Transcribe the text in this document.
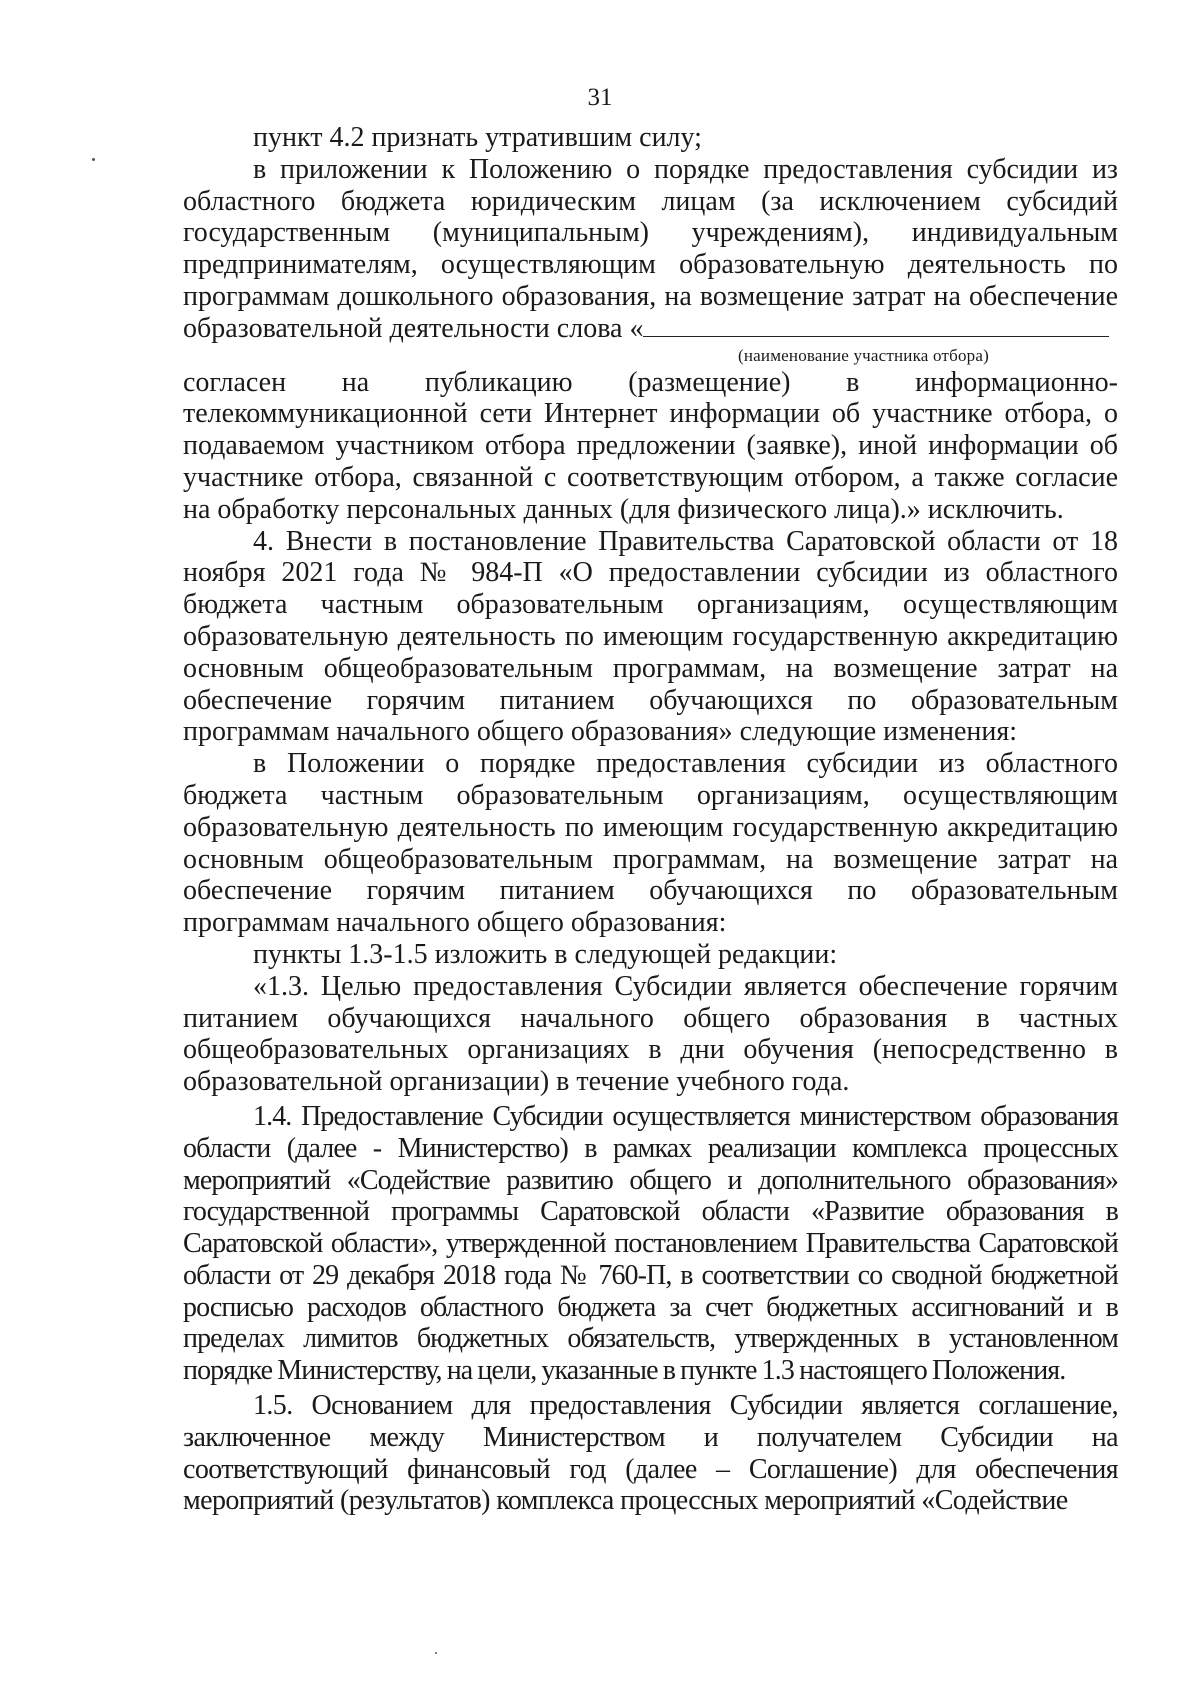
31

пункт 4.2 признать утратившим силу;

в приложении к Положению о порядке предоставления субсидии из областного бюджета юридическим лицам (за исключением субсидий государственным (муниципальным) учреждениям), индивидуальным предпринимателям, осуществляющим образовательную деятельность по программам дошкольного образования, на возмещение затрат на обеспечение образовательной деятельности слова «

(наименование участника отбора)

согласен на публикацию (размещение) в информационно-телекоммуникационной сети Интернет информации об участнике отбора, о подаваемом участником отбора предложении (заявке), иной информации об участнике отбора, связанной с соответствующим отбором, а также согласие на обработку персональных данных (для физического лица).» исключить.

4. Внести в постановление Правительства Саратовской области от 18 ноября 2021 года № 984-П «О предоставлении субсидии из областного бюджета частным образовательным организациям, осуществляющим образовательную деятельность по имеющим государственную аккредитацию основным общеобразовательным программам, на возмещение затрат на обеспечение горячим питанием обучающихся по образовательным программам начального общего образования» следующие изменения:

в Положении о порядке предоставления субсидии из областного бюджета частным образовательным организациям, осуществляющим образовательную деятельность по имеющим государственную аккредитацию основным общеобразовательным программам, на возмещение затрат на обеспечение горячим питанием обучающихся по образовательным программам начального общего образования:

пункты 1.3-1.5 изложить в следующей редакции:

«1.3. Целью предоставления Субсидии является обеспечение горячим питанием обучающихся начального общего образования в частных общеобразовательных организациях в дни обучения (непосредственно в образовательной организации) в течение учебного года.

1.4. Предоставление Субсидии осуществляется министерством образования области (далее - Министерство) в рамках реализации комплекса процессных мероприятий «Содействие развитию общего и дополнительного образования» государственной программы Саратовской области «Развитие образования в Саратовской области», утвержденной постановлением Правительства Саратовской области от 29 декабря 2018 года № 760-П, в соответствии со сводной бюджетной росписью расходов областного бюджета за счет бюджетных ассигнований и в пределах лимитов бюджетных обязательств, утвержденных в установленном порядке Министерству, на цели, указанные в пункте 1.3 настоящего Положения.

1.5. Основанием для предоставления Субсидии является соглашение, заключенное между Министерством и получателем Субсидии на соответствующий финансовый год (далее – Соглашение) для обеспечения мероприятий (результатов) комплекса процессных мероприятий «Содействие
